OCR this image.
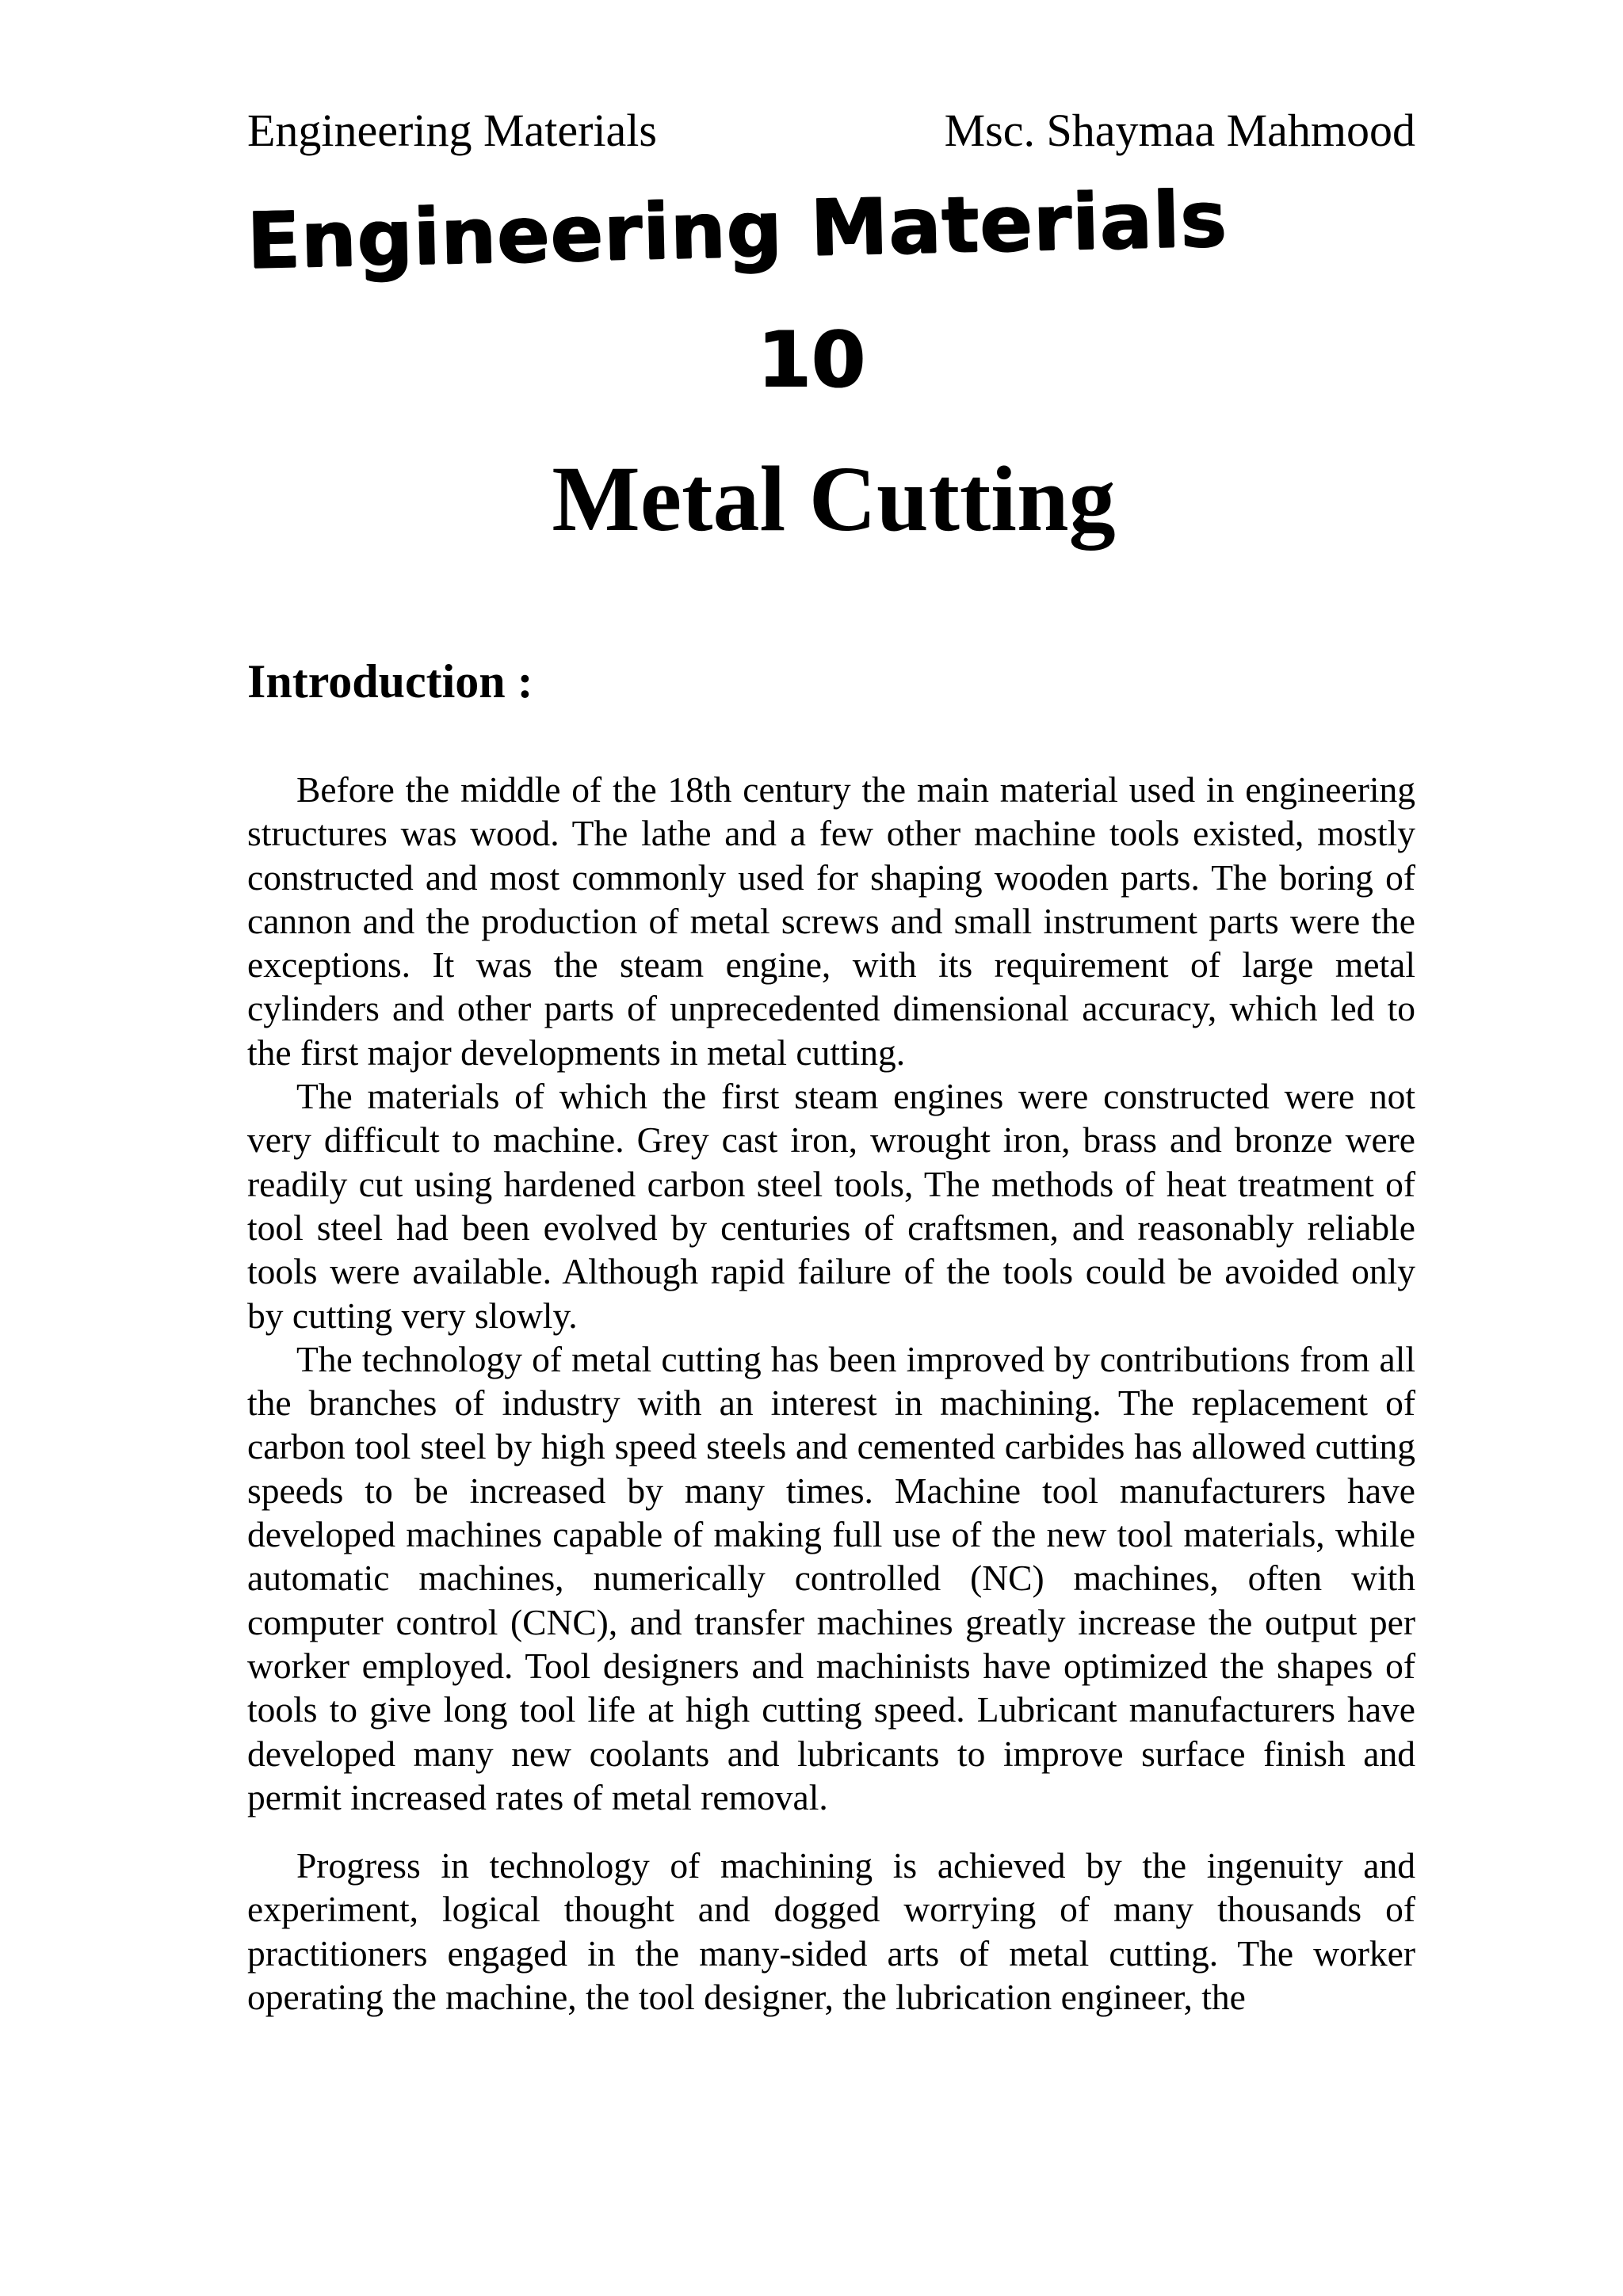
Engineering Materials	Msc. Shaymaa Mahmood
Engineering Materials
10
Metal Cutting
Introduction :

Before the middle of the 18th century the main material used in engineering structures was wood. The lathe and a few other machine tools existed, mostly constructed and most commonly used for shaping wooden parts. The boring of cannon and the production of metal screws and small instrument parts were the exceptions. It was the steam engine, with its requirement of large metal cylinders and other parts of unprecedented dimensional accuracy, which led to the first major developments in metal cutting.

The materials of which the first steam engines were constructed were not very difficult to machine. Grey cast iron, wrought iron, brass and bronze were readily cut using hardened carbon steel tools, The methods of heat treatment of tool steel had been evolved by centuries of craftsmen, and reasonably reliable tools were available. Although rapid failure of the tools could be avoided only by cutting very slowly.

The technology of metal cutting has been improved by contributions from all the branches of industry with an interest in machining. The replacement of carbon tool steel by high speed steels and cemented carbides has allowed cutting speeds to be increased by many times. Machine tool manufacturers have developed machines capable of making full use of the new tool materials, while automatic machines, numerically controlled (NC) machines, often with computer control (CNC), and transfer machines greatly increase the output per worker employed. Tool designers and machinists have optimized the shapes of tools to give long tool life at high cutting speed. Lubricant manufacturers have developed many new coolants and lubricants to improve surface finish and permit increased rates of metal removal.

Progress in technology of machining is achieved by the ingenuity and experiment, logical thought and dogged worrying of many thousands of practitioners engaged in the many-sided arts of metal cutting. The worker operating the machine, the tool designer, the lubrication engineer, the
